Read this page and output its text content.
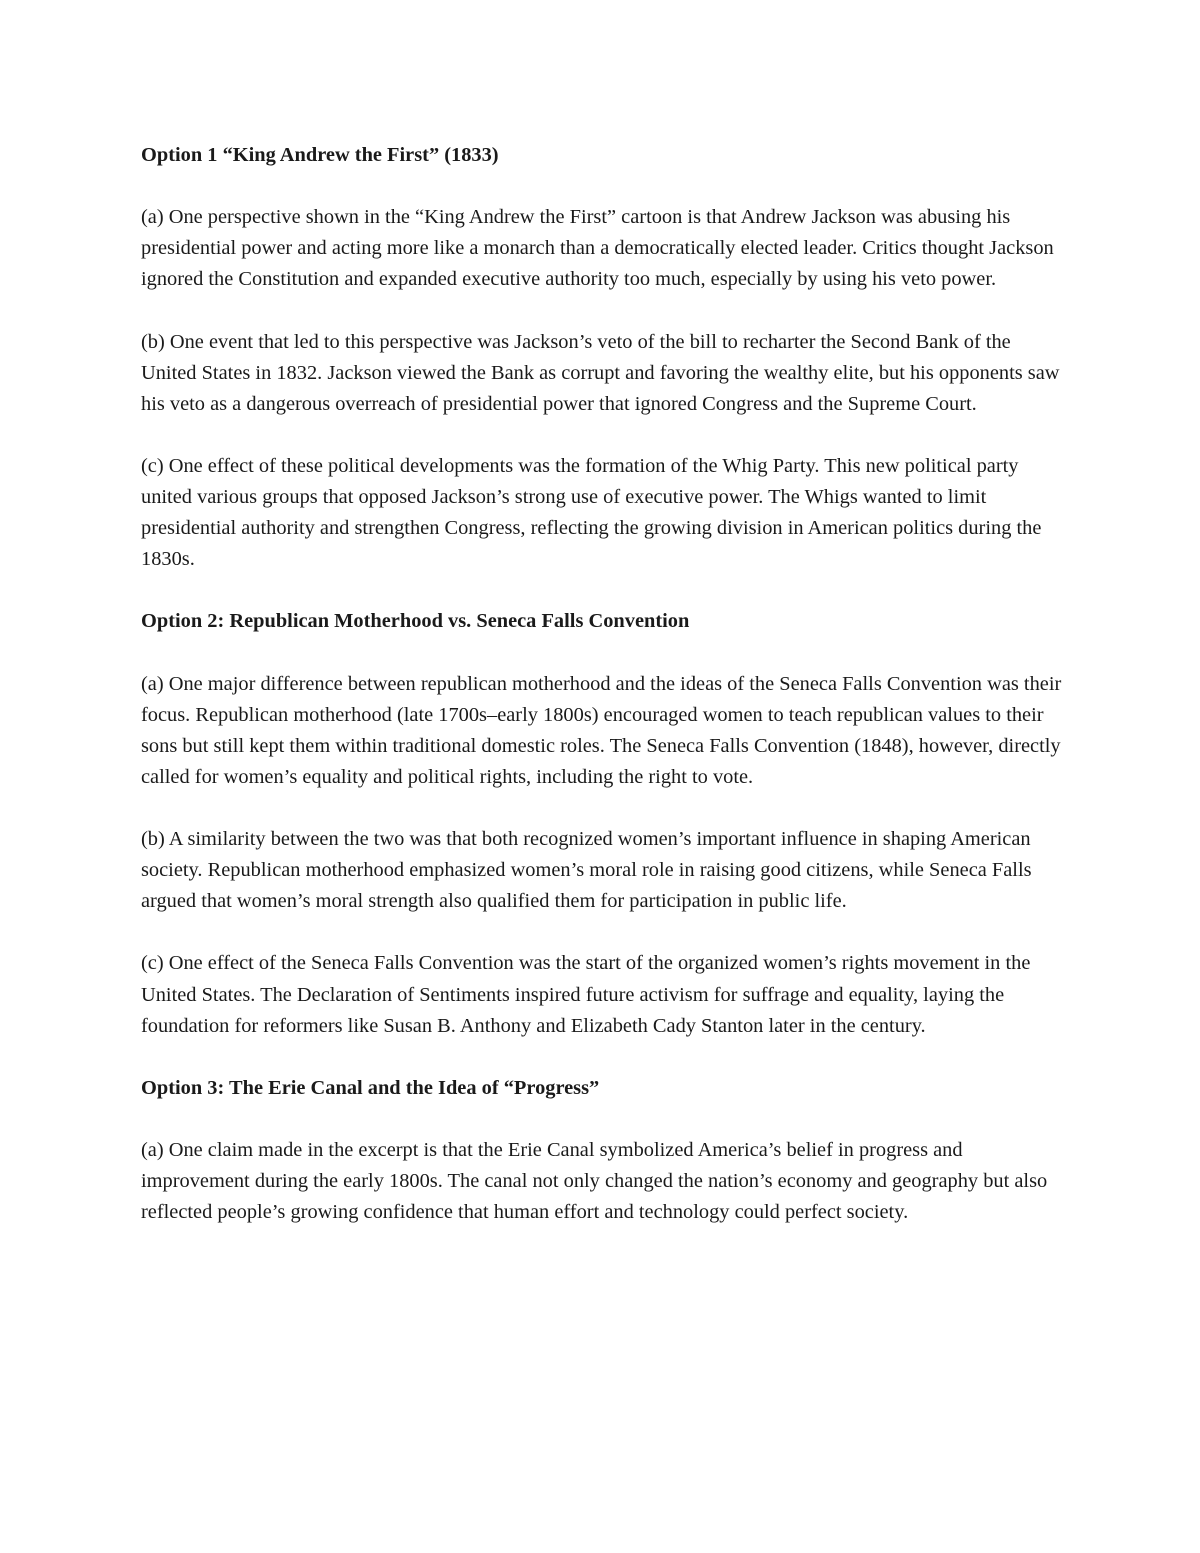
Option 1 “King Andrew the First” (1833)

(a) One perspective shown in the “King Andrew the First” cartoon is that Andrew Jackson was abusing his presidential power and acting more like a monarch than a democratically elected leader. Critics thought Jackson ignored the Constitution and expanded executive authority too much, especially by using his veto power.

(b) One event that led to this perspective was Jackson’s veto of the bill to recharter the Second Bank of the United States in 1832. Jackson viewed the Bank as corrupt and favoring the wealthy elite, but his opponents saw his veto as a dangerous overreach of presidential power that ignored Congress and the Supreme Court.

(c) One effect of these political developments was the formation of the Whig Party. This new political party united various groups that opposed Jackson’s strong use of executive power. The Whigs wanted to limit presidential authority and strengthen Congress, reflecting the growing division in American politics during the 1830s.

Option 2: Republican Motherhood vs. Seneca Falls Convention

(a) One major difference between republican motherhood and the ideas of the Seneca Falls Convention was their focus. Republican motherhood (late 1700s–early 1800s) encouraged women to teach republican values to their sons but still kept them within traditional domestic roles. The Seneca Falls Convention (1848), however, directly called for women’s equality and political rights, including the right to vote.

(b) A similarity between the two was that both recognized women’s important influence in shaping American society. Republican motherhood emphasized women’s moral role in raising good citizens, while Seneca Falls argued that women’s moral strength also qualified them for participation in public life.

(c) One effect of the Seneca Falls Convention was the start of the organized women’s rights movement in the United States. The Declaration of Sentiments inspired future activism for suffrage and equality, laying the foundation for reformers like Susan B. Anthony and Elizabeth Cady Stanton later in the century.

Option 3: The Erie Canal and the Idea of “Progress”

(a) One claim made in the excerpt is that the Erie Canal symbolized America’s belief in progress and improvement during the early 1800s. The canal not only changed the nation’s economy and geography but also reflected people’s growing confidence that human effort and technology could perfect society.
